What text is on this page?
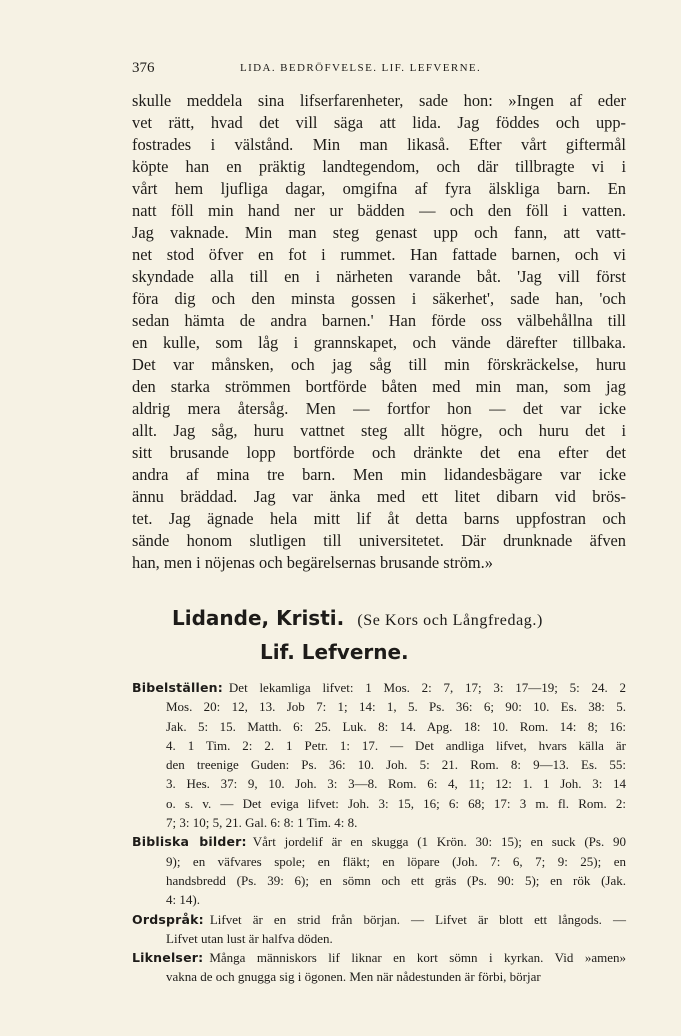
376	LIDA. BEDRÖFVELSE. LIF. LEFVERNE.
skulle meddela sina lifserfarenheter, sade hon: »Ingen af eder
vet rätt, hvad det vill säga att lida. Jag föddes och upp-
fostrades i välstånd. Min man likaså. Efter vårt giftermål
köpte han en präktig landtegendom, och där tillbragte vi i
vårt hem ljufliga dagar, omgifna af fyra älskliga barn. En
natt föll min hand ner ur bädden — och den föll i vatten.
Jag vaknade. Min man steg genast upp och fann, att vatt-
net stod öfver en fot i rummet. Han fattade barnen, och vi
skyndade alla till en i närheten varande båt. 'Jag vill först
föra dig och den minsta gossen i säkerhet', sade han, 'och
sedan hämta de andra barnen.' Han förde oss välbehållna till
en kulle, som låg i grannskapet, och vände därefter tillbaka.
Det var månsken, och jag såg till min förskräckelse, huru
den starka strömmen bortförde båten med min man, som jag
aldrig mera återsåg. Men — fortfor hon — det var icke
allt. Jag såg, huru vattnet steg allt högre, och huru det i
sitt brusande lopp bortförde och dränkte det ena efter det
andra af mina tre barn. Men min lidandesbägare var icke
ännu bräddad. Jag var änka med ett litet dibarn vid brös-
tet. Jag ägnade hela mitt lif åt detta barns uppfostran och
sände honom slutligen till universitetet. Där drunknade äfven
han, men i nöjenas och begärelsernas brusande ström.»
Lidande, Kristi. (Se Kors och Långfredag.)
Lif. Lefverne.
Bibelställen: Det lekamliga lifvet: 1 Mos. 2: 7, 17; 3: 17—19; 5: 24. 2
Mos. 20: 12, 13. Job 7: 1; 14: 1, 5. Ps. 36: 6; 90: 10. Es. 38: 5.
Jak. 5: 15. Matth. 6: 25. Luk. 8: 14. Apg. 18: 10. Rom. 14: 8; 16:
4. 1 Tim. 2: 2. 1 Petr. 1: 17. — Det andliga lifvet, hvars källa är
den treenige Guden: Ps. 36: 10. Joh. 5: 21. Rom. 8: 9—13. Es. 55:
3. Hes. 37: 9, 10. Joh. 3: 3—8. Rom. 6: 4, 11; 12: 1. 1 Joh. 3: 14
o. s. v. — Det eviga lifvet: Joh. 3: 15, 16; 6: 68; 17: 3 m. fl. Rom. 2:
7; 3: 10; 5, 21. Gal. 6: 8: 1 Tim. 4: 8.
Bibliska bilder: Vårt jordelif är en skugga (1 Krön. 30: 15); en suck (Ps. 90
9); en väfvares spole; en fläkt; en löpare (Joh. 7: 6, 7; 9: 25); en
handsbredd (Ps. 39: 6); en sömn och ett gräs (Ps. 90: 5); en rök (Jak.
4: 14).
Ordspråk: Lifvet är en strid från början. — Lifvet är blott ett långods. —
Lifvet utan lust är halfva döden.
Liknelser: Många människors lif liknar en kort sömn i kyrkan. Vid »amen»
vakna de och gnugga sig i ögonen. Men när nådestunden är förbi, börjar
